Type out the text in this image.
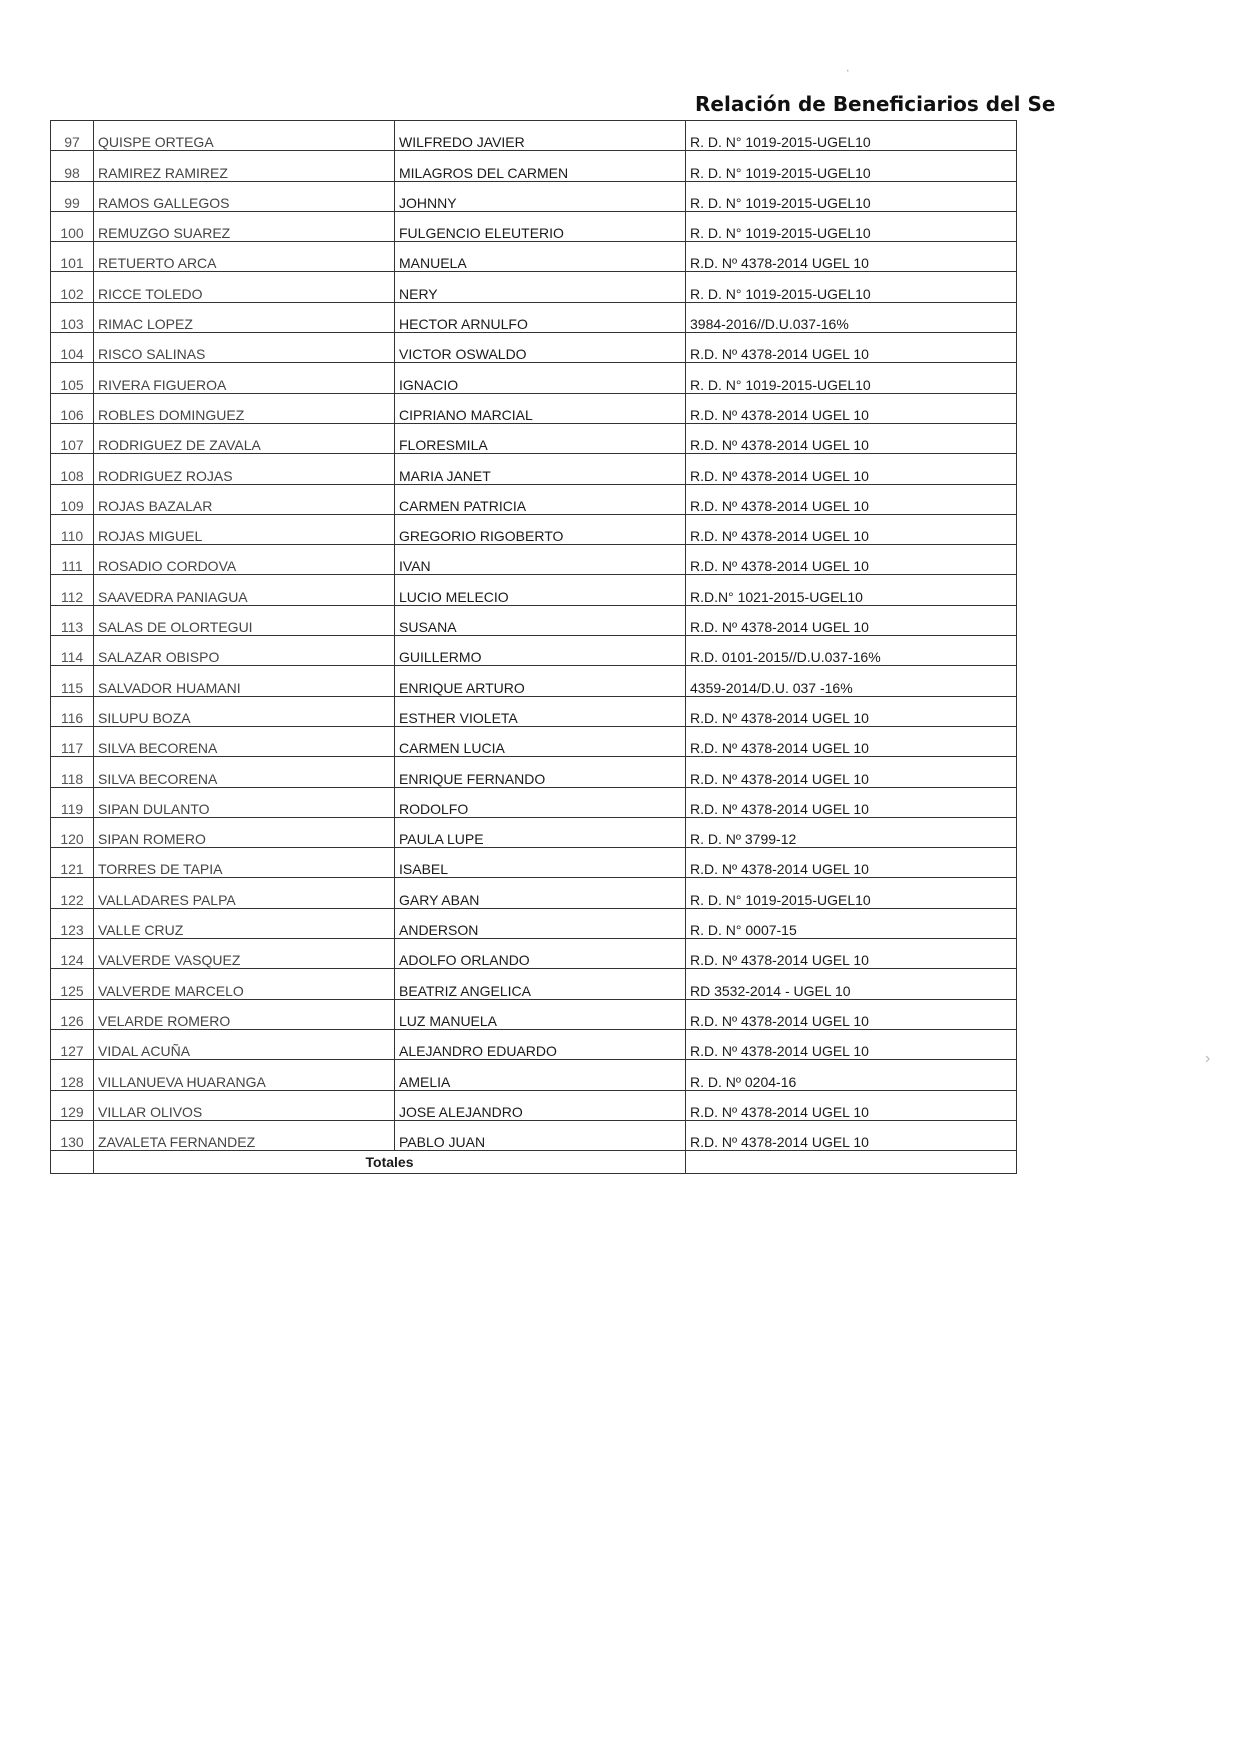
Relación de Beneficiarios del Se
97	QUISPE ORTEGA	WILFREDO JAVIER	R. D. N° 1019-2015-UGEL10
98	RAMIREZ RAMIREZ	MILAGROS DEL CARMEN	R. D. N° 1019-2015-UGEL10
99	RAMOS GALLEGOS	JOHNNY	R. D. N° 1019-2015-UGEL10
100	REMUZGO SUAREZ	FULGENCIO ELEUTERIO	R. D. N° 1019-2015-UGEL10
101	RETUERTO ARCA	MANUELA	R.D. Nº 4378-2014 UGEL 10
102	RICCE TOLEDO	NERY	R. D. N° 1019-2015-UGEL10
103	RIMAC LOPEZ	HECTOR ARNULFO	3984-2016//D.U.037-16%
104	RISCO SALINAS	VICTOR OSWALDO	R.D. Nº 4378-2014 UGEL 10
105	RIVERA FIGUEROA	IGNACIO	R. D. N° 1019-2015-UGEL10
106	ROBLES DOMINGUEZ	CIPRIANO MARCIAL	R.D. Nº 4378-2014 UGEL 10
107	RODRIGUEZ DE ZAVALA	FLORESMILA	R.D. Nº 4378-2014 UGEL 10
108	RODRIGUEZ ROJAS	MARIA JANET	R.D. Nº 4378-2014 UGEL 10
109	ROJAS BAZALAR	CARMEN PATRICIA	R.D. Nº 4378-2014 UGEL 10
110	ROJAS MIGUEL	GREGORIO RIGOBERTO	R.D. Nº 4378-2014 UGEL 10
111	ROSADIO CORDOVA	IVAN	R.D. Nº 4378-2014 UGEL 10
112	SAAVEDRA PANIAGUA	LUCIO MELECIO	R.D.N° 1021-2015-UGEL10
113	SALAS DE OLORTEGUI	SUSANA	R.D. Nº 4378-2014 UGEL 10
114	SALAZAR OBISPO	GUILLERMO	R.D. 0101-2015//D.U.037-16%
115	SALVADOR HUAMANI	ENRIQUE ARTURO	4359-2014/D.U. 037 -16%
116	SILUPU BOZA	ESTHER VIOLETA	R.D. Nº 4378-2014 UGEL 10
117	SILVA BECORENA	CARMEN LUCIA	R.D. Nº 4378-2014 UGEL 10
118	SILVA BECORENA	ENRIQUE FERNANDO	R.D. Nº 4378-2014 UGEL 10
119	SIPAN DULANTO	RODOLFO	R.D. Nº 4378-2014 UGEL 10
120	SIPAN ROMERO	PAULA LUPE	R. D. Nº 3799-12
121	TORRES DE TAPIA	ISABEL	R.D. Nº 4378-2014 UGEL 10
122	VALLADARES PALPA	GARY ABAN	R. D. N° 1019-2015-UGEL10
123	VALLE CRUZ	ANDERSON	R. D. N° 0007-15
124	VALVERDE VASQUEZ	ADOLFO ORLANDO	R.D. Nº 4378-2014 UGEL 10
125	VALVERDE MARCELO	BEATRIZ ANGELICA	RD 3532-2014 - UGEL 10
126	VELARDE ROMERO	LUZ MANUELA	R.D. Nº 4378-2014 UGEL 10
127	VIDAL ACUÑA	ALEJANDRO EDUARDO	R.D. Nº 4378-2014 UGEL 10
128	VILLANUEVA HUARANGA	AMELIA	R. D. Nº 0204-16
129	VILLAR OLIVOS	JOSE ALEJANDRO	R.D. Nº 4378-2014 UGEL 10
130	ZAVALETA FERNANDEZ	PABLO JUAN	R.D. Nº 4378-2014 UGEL 10
	Totales		
·
›
